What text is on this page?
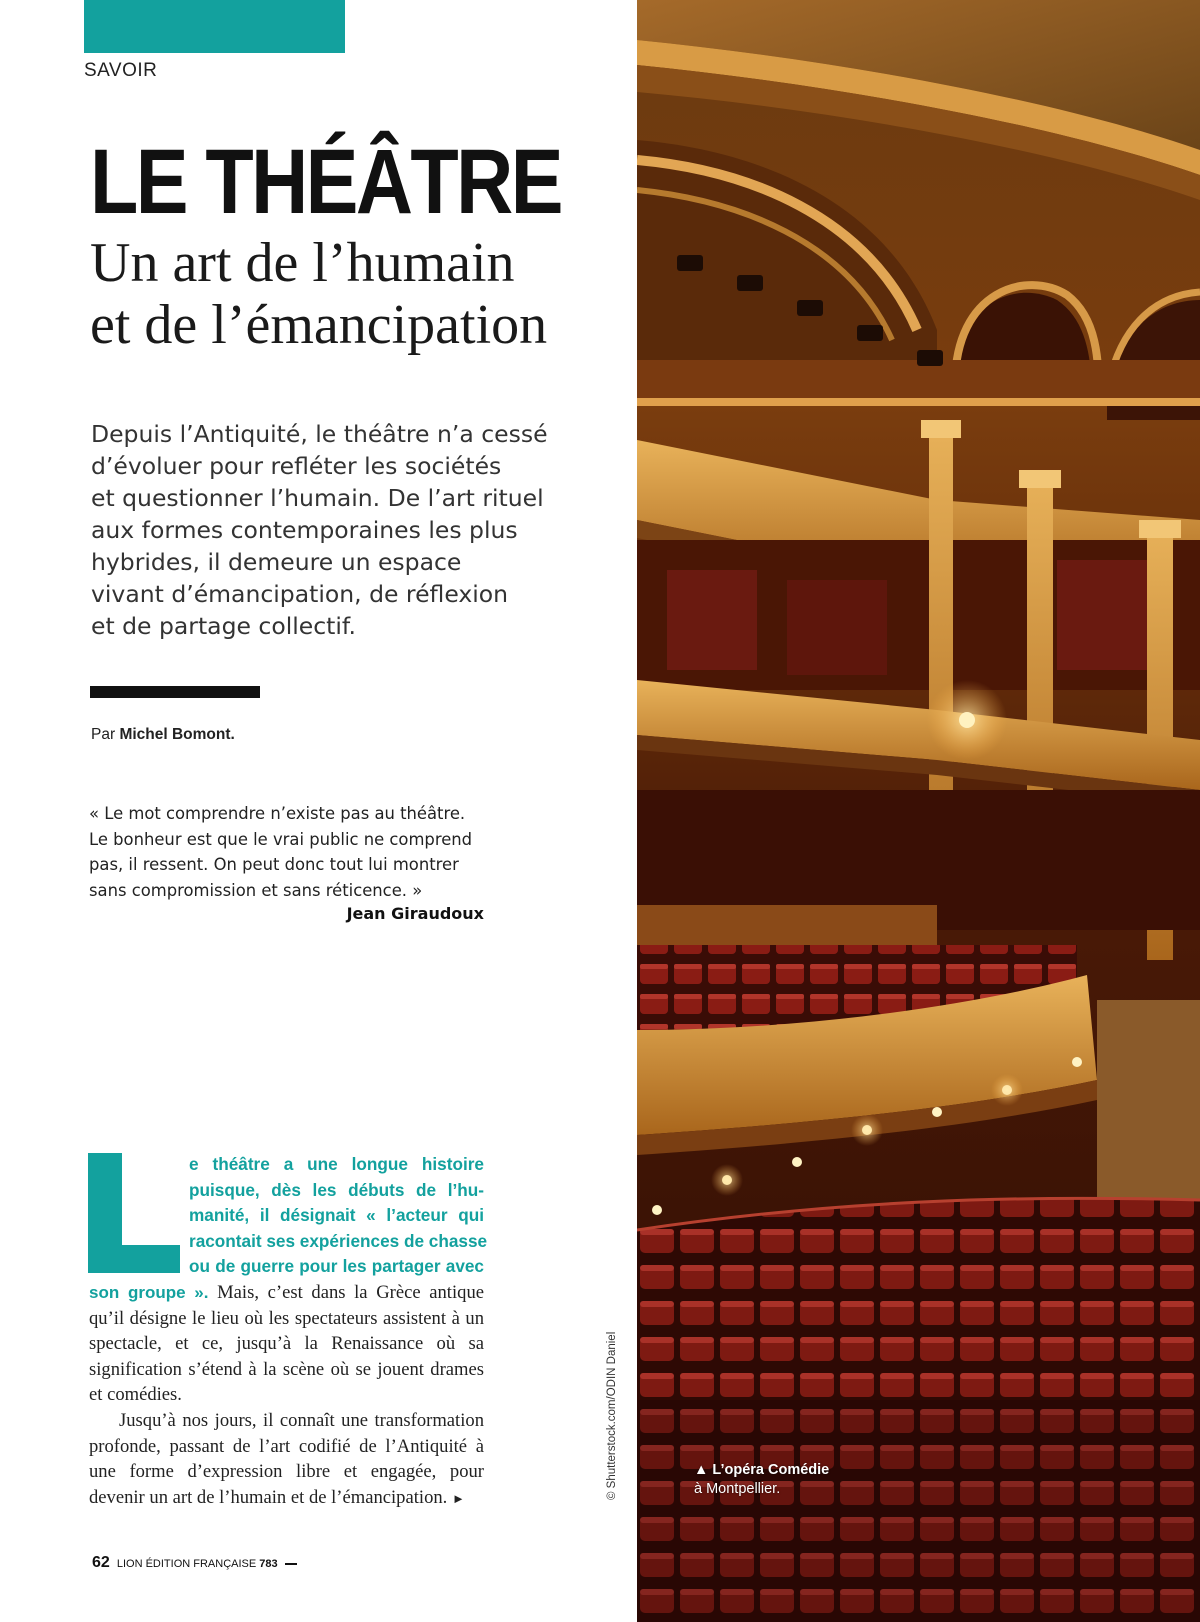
SAVOIR
LE THÉÂTRE
Un art de l’humain
et de l’émancipation
Depuis l’Antiquité, le théâtre n’a cessé
d’évoluer pour refléter les sociétés
et questionner l’humain. De l’art rituel
aux formes contemporaines les plus
hybrides, il demeure un espace
vivant d’émancipation, de réflexion
et de partage collectif.
Par Michel Bomont.
« Le mot comprendre n’existe pas au théâtre.
Le bonheur est que le vrai public ne comprend
pas, il ressent. On peut donc tout lui montrer
sans compromission et sans réticence. »
Jean Giraudoux
e théâtre a une longue histoire
puisque, dès les débuts de l’hu-
manité, il désignait « l’acteur qui
racontait ses expériences de chasse
ou de guerre pour les partager avec

son groupe ». Mais, c’est dans la Grèce antique qu’il désigne le lieu où les spectateurs assistent à un spectacle, et ce, jusqu’à la Renaissance où sa signification s’étend à la scène où se jouent drames et comédies.

Jusqu’à nos jours, il connaît une transformation profonde, passant de l’art codifié de l’Antiquité à une forme d’expression libre et engagée, pour devenir un art de l’humain et de l’émancipation. ►	© Shutterstock.com/ODIN Daniel
62 LION ÉDITION FRANÇAISE 783
▲ L’opéra Comédie
à Montpellier.
